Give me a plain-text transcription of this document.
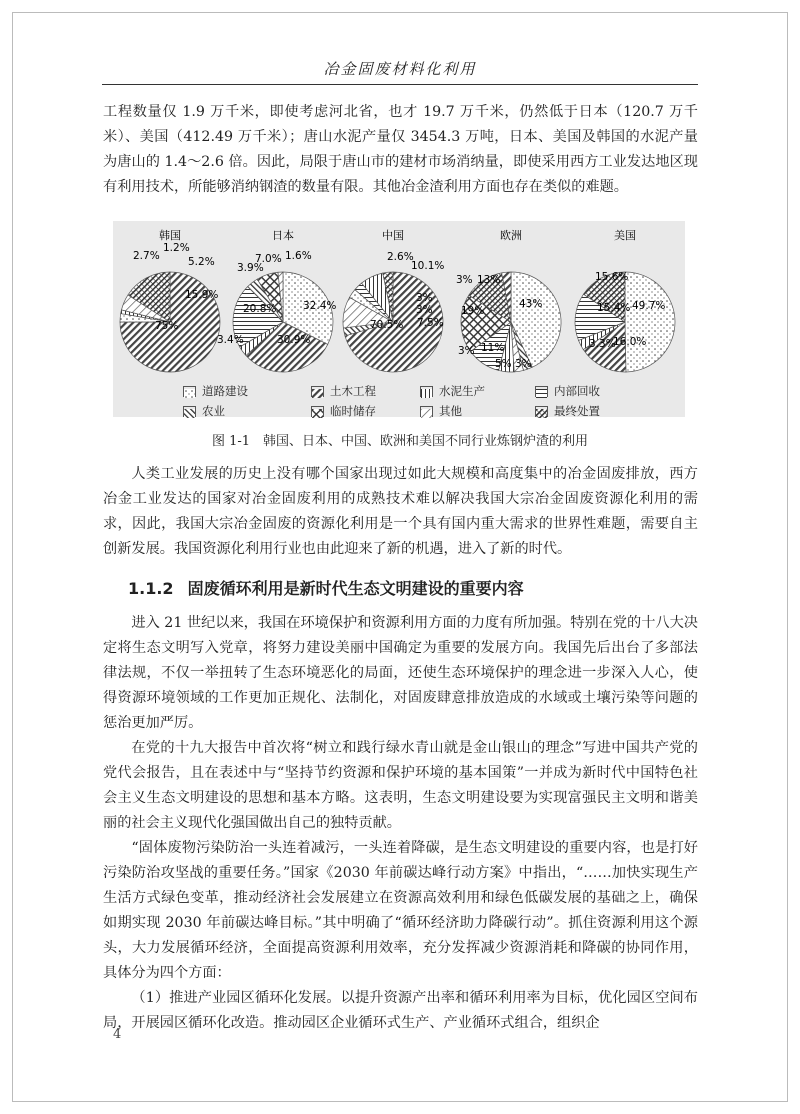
冶金固废材料化利用

工程数量仅 1.9 万千米，即使考虑河北省，也才 19.7 万千米，仍然低于日本（120.7 万千米）、美国（412.49 万千米）；唐山水泥产量仅 3454.3 万吨，日本、美国及韩国的水泥产量为唐山的 1.4～2.6 倍。因此，局限于唐山市的建材市场消纳量，即使采用西方工业发达地区现有利用技术，所能够消纳钢渣的数量有限。其他冶金渣利用方面也存在类似的难题。

韩国	日本	中国	欧洲	美国
2.7%
1.2%
5.2%
15.9%
75%
3.9%
7.0% 1.6%
32.4%
20.8%
3.4%	30.9%
2.6%
10.1%
3%
3%
7.5%
70.5%
3% 13%
43%
19%
3% 11%
5% 3%
15.6%
49.7%
15.4%
3.3%
16.0%
道路建设	土木工程	水泥生产	内部回收
农业	临时储存	其他	最终处置
图 1-1　韩国、日本、中国、欧洲和美国不同行业炼钢炉渣的利用

人类工业发展的历史上没有哪个国家出现过如此大规模和高度集中的冶金固废排放，西方冶金工业发达的国家对冶金固废利用的成熟技术难以解决我国大宗冶金固废资源化利用的需求，因此，我国大宗冶金固废的资源化利用是一个具有国内重大需求的世界性难题，需要自主创新发展。我国资源化利用行业也由此迎来了新的机遇，进入了新的时代。

1.1.2 固废循环利用是新时代生态文明建设的重要内容

进入 21 世纪以来，我国在环境保护和资源利用方面的力度有所加强。特别在党的十八大决定将生态文明写入党章，将努力建设美丽中国确定为重要的发展方向。我国先后出台了多部法律法规，不仅一举扭转了生态环境恶化的局面，还使生态环境保护的理念进一步深入人心，使得资源环境领域的工作更加正规化、法制化，对固废肆意排放造成的水域或土壤污染等问题的惩治更加严厉。

在党的十九大报告中首次将“树立和践行绿水青山就是金山银山的理念”写进中国共产党的党代会报告，且在表述中与“坚持节约资源和保护环境的基本国策”一并成为新时代中国特色社会主义生态文明建设的思想和基本方略。这表明，生态文明建设要为实现富强民主文明和谐美丽的社会主义现代化强国做出自己的独特贡献。

“固体废物污染防治一头连着减污，一头连着降碳，是生态文明建设的重要内容，也是打好污染防治攻坚战的重要任务。”国家《2030 年前碳达峰行动方案》中指出，“……加快实现生产生活方式绿色变革，推动经济社会发展建立在资源高效利用和绿色低碳发展的基础之上，确保如期实现 2030 年前碳达峰目标。”其中明确了“循环经济助力降碳行动”。抓住资源利用这个源头，大力发展循环经济，全面提高资源利用效率，充分发挥减少资源消耗和降碳的协同作用，具体分为四个方面：

（1）推进产业园区循环化发展。以提升资源产出率和循环利用率为目标，优化园区空间布局，开展园区循环化改造。推动园区企业循环式生产、产业循环式组合，组织企

4
